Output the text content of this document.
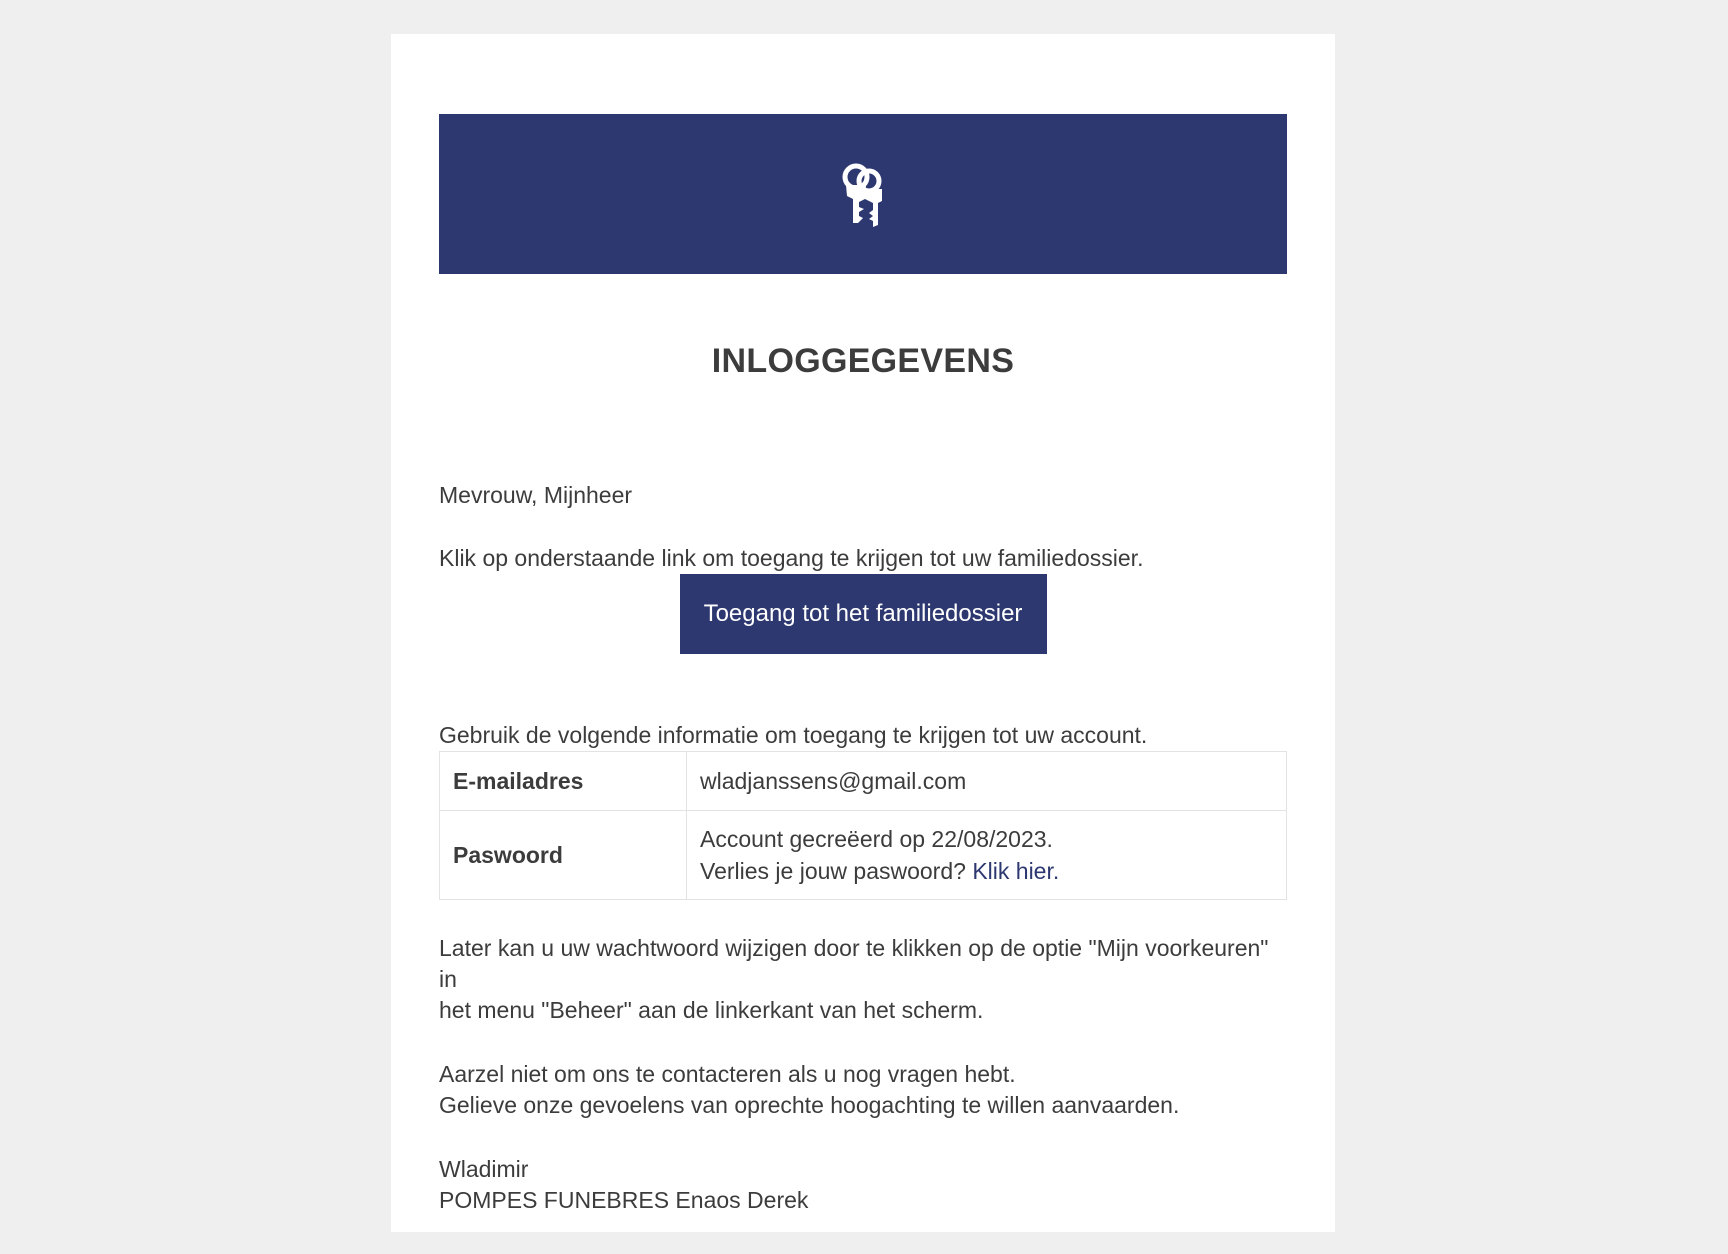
INLOGGEGEVENS

Mevrouw, Mijnheer

Klik op onderstaande link om toegang te krijgen tot uw familiedossier.

Toegang tot het familiedossier

Gebruik de volgende informatie om toegang te krijgen tot uw account.

E-mailadres	wladjanssens@gmail.com
Paswoord	Account gecreëerd op 22/08/2023.
Verlies je jouw paswoord? Klik hier.

Later kan u uw wachtwoord wijzigen door te klikken op de optie "Mijn voorkeuren" in
het menu "Beheer" aan de linkerkant van het scherm.

Aarzel niet om ons te contacteren als u nog vragen hebt.
Gelieve onze gevoelens van oprechte hoogachting te willen aanvaarden.

Wladimir
POMPES FUNEBRES Enaos Derek
